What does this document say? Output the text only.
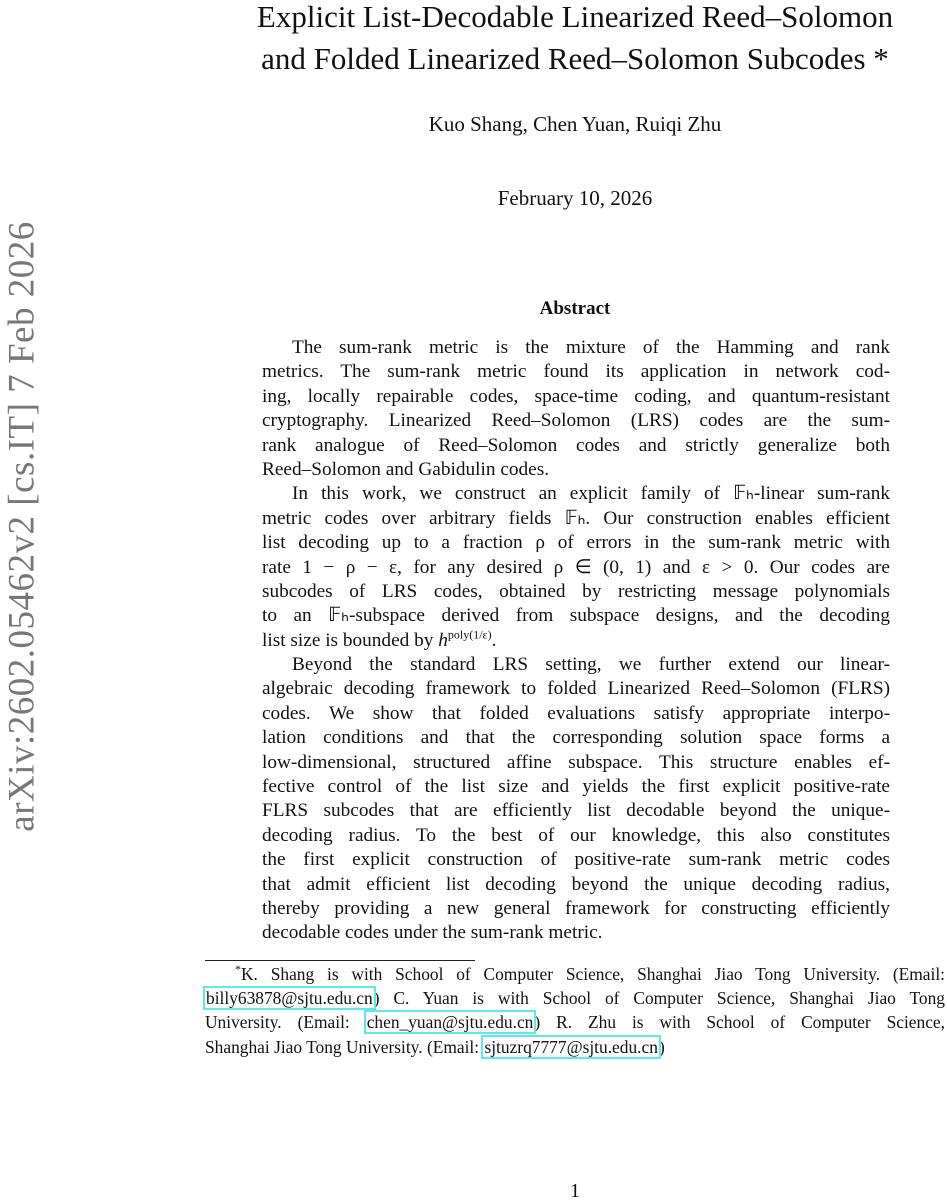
arXiv:2602.05462v2 [cs.IT] 7 Feb 2026
Explicit List-Decodable Linearized Reed–Solomon
and Folded Linearized Reed–Solomon Subcodes *
Kuo Shang, Chen Yuan, Ruiqi Zhu
February 10, 2026
Abstract
The sum-rank metric is the mixture of the Hamming and rank
metrics. The sum-rank metric found its application in network cod-
ing, locally repairable codes, space-time coding, and quantum-resistant
cryptography. Linearized Reed–Solomon (LRS) codes are the sum-
rank analogue of Reed–Solomon codes and strictly generalize both
Reed–Solomon and Gabidulin codes.
In this work, we construct an explicit family of 𝔽ₕ-linear sum-rank
metric codes over arbitrary fields 𝔽ₕ. Our construction enables efficient
list decoding up to a fraction ρ of errors in the sum-rank metric with
rate 1 − ρ − ε, for any desired ρ ∈ (0, 1) and ε > 0. Our codes are
subcodes of LRS codes, obtained by restricting message polynomials
to an 𝔽ₕ-subspace derived from subspace designs, and the decoding
list size is bounded by $h^{poly(1/\varepsilon)}$.
Beyond the standard LRS setting, we further extend our linear-
algebraic decoding framework to folded Linearized Reed–Solomon (FLRS)
codes. We show that folded evaluations satisfy appropriate interpo-
lation conditions and that the corresponding solution space forms a
low-dimensional, structured affine subspace. This structure enables ef-
fective control of the list size and yields the first explicit positive-rate
FLRS subcodes that are efficiently list decodable beyond the unique-
decoding radius. To the best of our knowledge, this also constitutes
the first explicit construction of positive-rate sum-rank metric codes
that admit efficient list decoding beyond the unique decoding radius,
thereby providing a new general framework for constructing efficiently
decodable codes under the sum-rank metric.
*K. Shang is with School of Computer Science, Shanghai Jiao Tong University. (Email:
billy63878@sjtu.edu.cn) C. Yuan is with School of Computer Science, Shanghai Jiao Tong
University. (Email: chen_yuan@sjtu.edu.cn) R. Zhu is with School of Computer Science,
Shanghai Jiao Tong University. (Email: sjtuzrq7777@sjtu.edu.cn)
1
